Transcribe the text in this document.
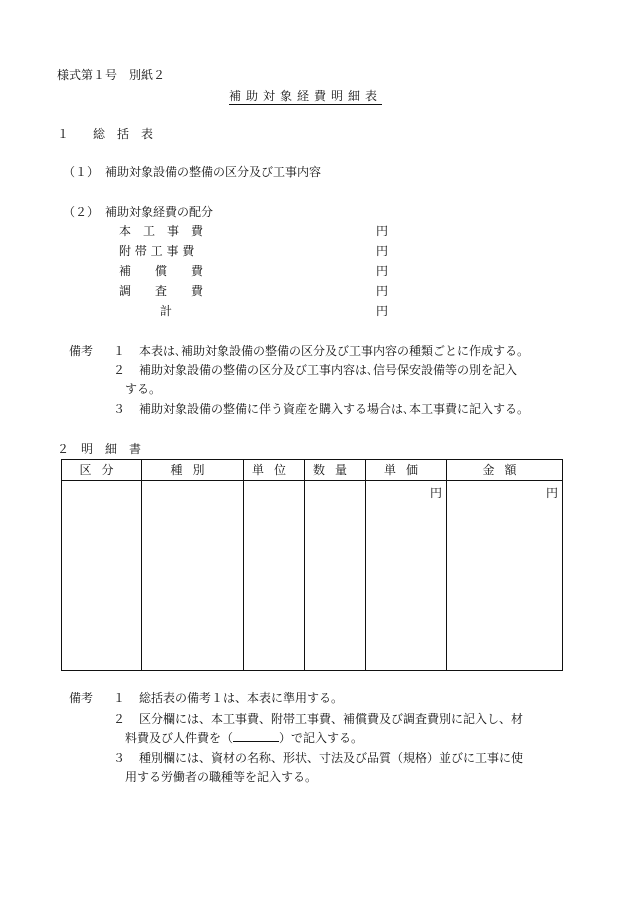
様式第１号　別紙２
補助対象経費明細表
１　　総　括　表
（１）　補助対象設備の整備の区分及び工事内容
（２）　補助対象経費の配分
本　工　事　費	円
附 帯 工 事 費	円
補　　償　　費	円
調　　査　　費	円
計	円
備考 １ 本表は､補助対象設備の整備の区分及び工事内容の種類ごとに作成する｡
２ 補助対象設備の整備の区分及び工事内容は､信号保安設備等の別を記入
する｡
３ 補助対象設備の整備に伴う資産を購入する場合は､本工事費に記入する｡
２　明　細　書
区分	種別	単位	数量	単価	金額
				円	円
備考 １ 総括表の備考１は、本表に準用する。
２ 区分欄には、本工事費、附帯工事費、補償費及び調査費別に記入し、材
料費及び人件費を（	）で記入する。
３ 種別欄には、資材の名称、形状、寸法及び品質（規格）並びに工事に使
用する労働者の職種等を記入する。
